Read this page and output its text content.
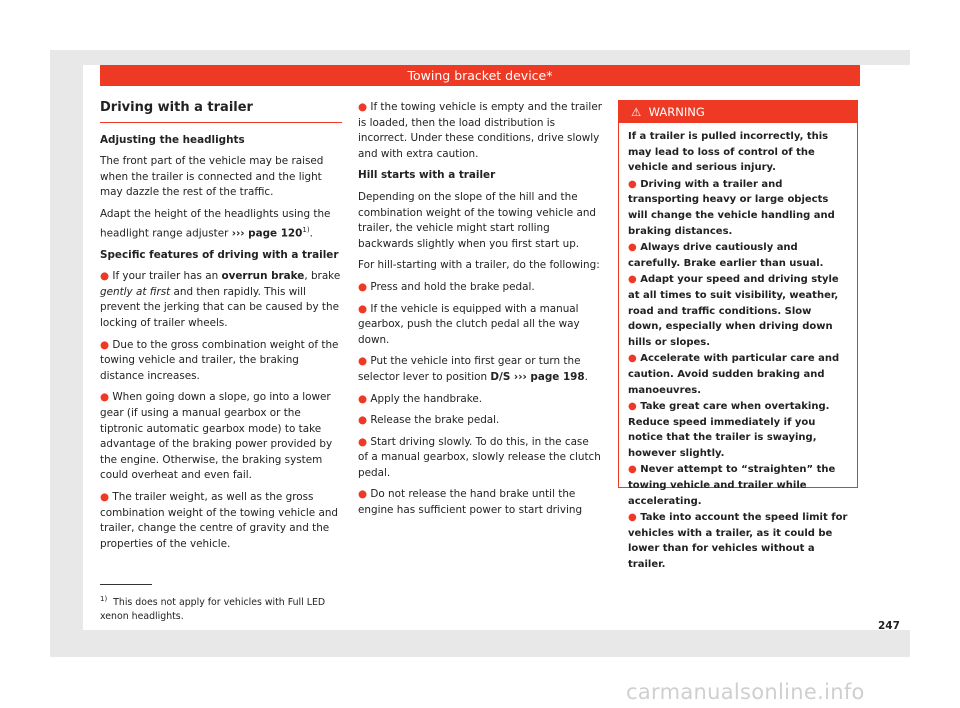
Towing bracket device*
Driving with a trailer

Adjusting the headlights

The front part of the vehicle may be raised when the trailer is connected and the light may dazzle the rest of the traffic.

Adapt the height of the headlights using the headlight range adjuster ››› page 120$^{1)}$.

Specific features of driving with a trailer

● If your trailer has an overrun brake, brake gently at first and then rapidly. This will prevent the jerking that can be caused by the locking of trailer wheels.

● Due to the gross combination weight of the towing vehicle and trailer, the braking distance increases.

● When going down a slope, go into a lower gear (if using a manual gearbox or the tiptronic automatic gearbox mode) to take advantage of the braking power provided by the engine. Otherwise, the braking system could overheat and even fail.

● The trailer weight, as well as the gross combination weight of the towing vehicle and trailer, change the centre of gravity and the properties of the vehicle.

● If the towing vehicle is empty and the trailer is loaded, then the load distribution is incorrect. Under these conditions, drive slowly and with extra caution.

Hill starts with a trailer

Depending on the slope of the hill and the combination weight of the towing vehicle and trailer, the vehicle might start rolling backwards slightly when you first start up.

For hill-starting with a trailer, do the following:

● Press and hold the brake pedal.

● If the vehicle is equipped with a manual gearbox, push the clutch pedal all the way down.

● Put the vehicle into first gear or turn the selector lever to position D/S ››› page 198.

● Apply the handbrake.

● Release the brake pedal.

● Start driving slowly. To do this, in the case of a manual gearbox, slowly release the clutch pedal.

● Do not release the hand brake until the engine has sufficient power to start driving

⚠ WARNING

If a trailer is pulled incorrectly, this may lead to loss of control of the vehicle and serious injury.

● Driving with a trailer and transporting heavy or large objects will change the vehicle handling and braking distances.

● Always drive cautiously and carefully. Brake earlier than usual.

● Adapt your speed and driving style at all times to suit visibility, weather, road and traffic conditions. Slow down, especially when driving down hills or slopes.

● Accelerate with particular care and caution. Avoid sudden braking and manoeuvres.

● Take great care when overtaking. Reduce speed immediately if you notice that the trailer is swaying, however slightly.

● Never attempt to “straighten” the towing vehicle and trailer while accelerating.

● Take into account the speed limit for vehicles with a trailer, as it could be lower than for vehicles without a trailer.

$^{1)}$ This does not apply for vehicles with Full LED xenon headlights.
247
carmanualsonline.info
